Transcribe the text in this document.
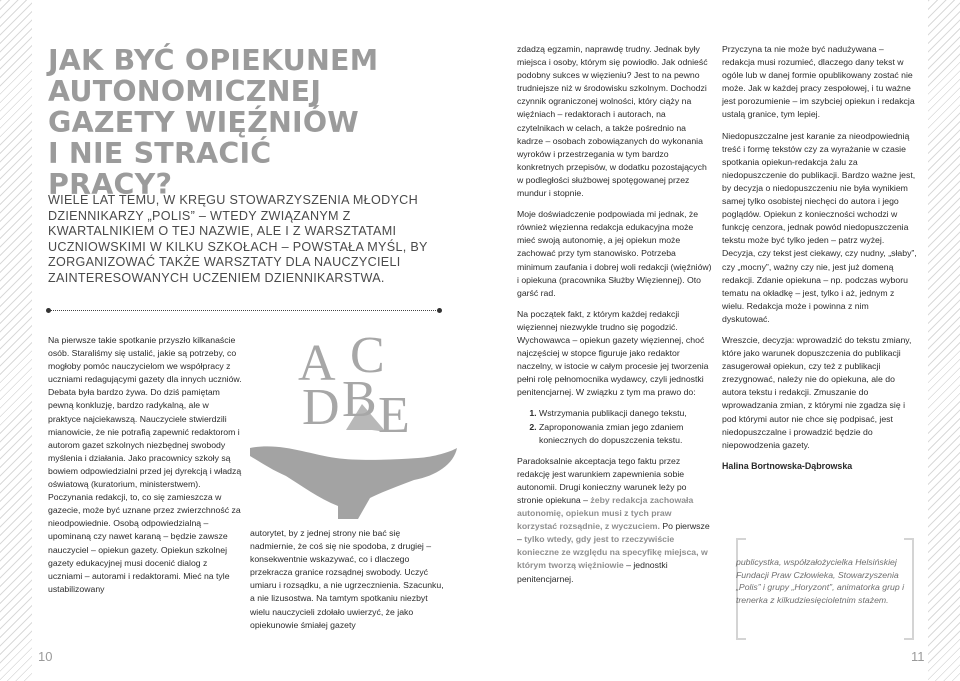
10	11
JAK BYĆ OPIEKUNEM
AUTONOMICZNEJ
GAZETY WIĘŹNIÓW
I NIE STRACIĆ PRACY?

WIELE LAT TEMU, W KRĘGU STOWARZYSZENIA MŁODYCH DZIENNIKARZY „POLIS” – WTEDY ZWIĄZANYM Z KWARTALNIKIEM O TEJ NAZWIE, ALE I Z WARSZTATAMI UCZNIOWSKIMI W KILKU SZKOŁACH – POWSTAŁA MYŚL, BY ZORGANIZOWAĆ TAKŻE WARSZTATY DLA NAUCZYCIELI ZAINTERESOWANYCH UCZENIEM DZIENNIKARSTWA.

Na pierwsze takie spotkanie przyszło kilkanaście osób. Staraliśmy się ustalić, jakie są potrzeby, co mogłoby pomóc nauczycielom we współpracy z uczniami redagującymi gazety dla innych uczniów. Debata była bardzo żywa. Do dziś pamiętam pewną konkluzję, bardzo radykalną, ale w praktyce najciekawszą. Nauczyciele stwierdzili mianowicie, że nie potrafią zapewnić redaktorom i autorom gazet szkolnych niezbędnej swobody myślenia i działania. Jako pracownicy szkoły są bowiem odpowiedzialni przed jej dyrekcją i władzą oświatową (kuratorium, ministerstwem). Poczynania redakcji, to, co się zamieszcza w gazecie, może być uznane przez zwierzchność za nieodpowiednie. Osobą odpowiedzialną – upominaną czy nawet karaną – będzie zawsze nauczyciel – opiekun gazety. Opiekun szkolnej gazety edukacyjnej musi docenić dialog z uczniami – autorami i redaktorami. Mieć na tyle ustabilizowany

A C
D B E

autorytet, by z jednej strony nie bać się nadmiernie, że coś się nie spodoba, z drugiej – konsekwentnie wskazywać, co i dlaczego przekracza granice rozsądnej swobody. Uczyć umiaru i rozsądku, a nie ugrzecznienia. Szacunku, a nie lizusostwa. Na tamtym spotkaniu niezbyt wielu nauczycieli zdołało uwierzyć, że jako opiekunowie śmiałej gazety

zdadzą egzamin, naprawdę trudny. Jednak były miejsca i osoby, którym się powiodło. Jak odnieść podobny sukces w więzieniu? Jest to na pewno trudniejsze niż w środowisku szkolnym. Dochodzi czynnik ograniczonej wolności, który ciąży na więźniach – redaktorach i autorach, na czytelnikach w celach, a także pośrednio na kadrze – osobach zobowiązanych do wykonania wyroków i przestrzegania w tym bardzo konkretnych przepisów, w dodatku pozostających w podległości służbowej spotęgowanej przez mundur i stopnie.

Moje doświadczenie podpowiada mi jednak, że również więzienna redakcja edukacyjna może mieć swoją autonomię, a jej opiekun może zachować przy tym stanowisko. Potrzeba minimum zaufania i dobrej woli redakcji (więźniów) i opiekuna (pracownika Służby Więziennej). Oto garść rad.

Na początek fakt, z którym każdej redakcji więziennej niezwykle trudno się pogodzić. Wychowawca – opiekun gazety więziennej, choć najczęściej w stopce figuruje jako redaktor naczelny, w istocie w całym procesie jej tworzenia pełni rolę pełnomocnika wydawcy, czyli jednostki penitencjarnej. W związku z tym ma prawo do:

1. Wstrzymania publikacji danego tekstu,
2. Zaproponowania zmian jego zdaniem koniecznych do dopuszczenia tekstu.

Paradoksalnie akceptacja tego faktu przez redakcję jest warunkiem zapewnienia sobie autonomii. Drugi konieczny warunek leży po stronie opiekuna – żeby redakcja zachowała autonomię, opiekun musi z tych praw korzystać rozsądnie, z wyczuciem. Po pierwsze – tylko wtedy, gdy jest to rzeczywiście konieczne ze względu na specyfikę miejsca, w którym tworzą więźniowie – jednostki penitencjarnej.

Przyczyna ta nie może być nadużywana – redakcja musi rozumieć, dlaczego dany tekst w ogóle lub w danej formie opublikowany zostać nie może. Jak w każdej pracy zespołowej, i tu ważne jest porozumienie – im szybciej opiekun i redakcja ustalą granice, tym lepiej.

Niedopuszczalne jest karanie za nieodpowiednią treść i formę tekstów czy za wyrażanie w czasie spotkania opiekun-redakcja żalu za niedopuszczenie do publikacji. Bardzo ważne jest, by decyzja o niedopuszczeniu nie była wynikiem samej tylko osobistej niechęci do autora i jego poglądów. Opiekun z konieczności wchodzi w funkcję cenzora, jednak powód niedopuszczenia tekstu może być tylko jeden – patrz wyżej. Decyzja, czy tekst jest ciekawy, czy nudny, „słaby”, czy „mocny”, ważny czy nie, jest już domeną redakcji. Zdanie opiekuna – np. podczas wyboru tematu na okładkę – jest, tylko i aż, jednym z wielu. Redakcja może i powinna z nim dyskutować.

Wreszcie, decyzja: wprowadzić do tekstu zmiany, które jako warunek dopuszczenia do publikacji zasugerował opiekun, czy też z publikacji zrezygnować, należy nie do opiekuna, ale do autora tekstu i redakcji. Zmuszanie do wprowadzania zmian, z którymi nie zgadza się i pod którymi autor nie chce się podpisać, jest niedopuszczalne i prowadzić będzie do niepowodzenia gazety.

Halina Bortnowska-Dąbrowska

publicystka, współzałożycielka Helsińskiej Fundacji Praw Człowieka, Stowarzyszenia „Polis” i grupy „Horyzont”, animatorka grup i trenerka z kilkudziesięcioletnim stażem.
